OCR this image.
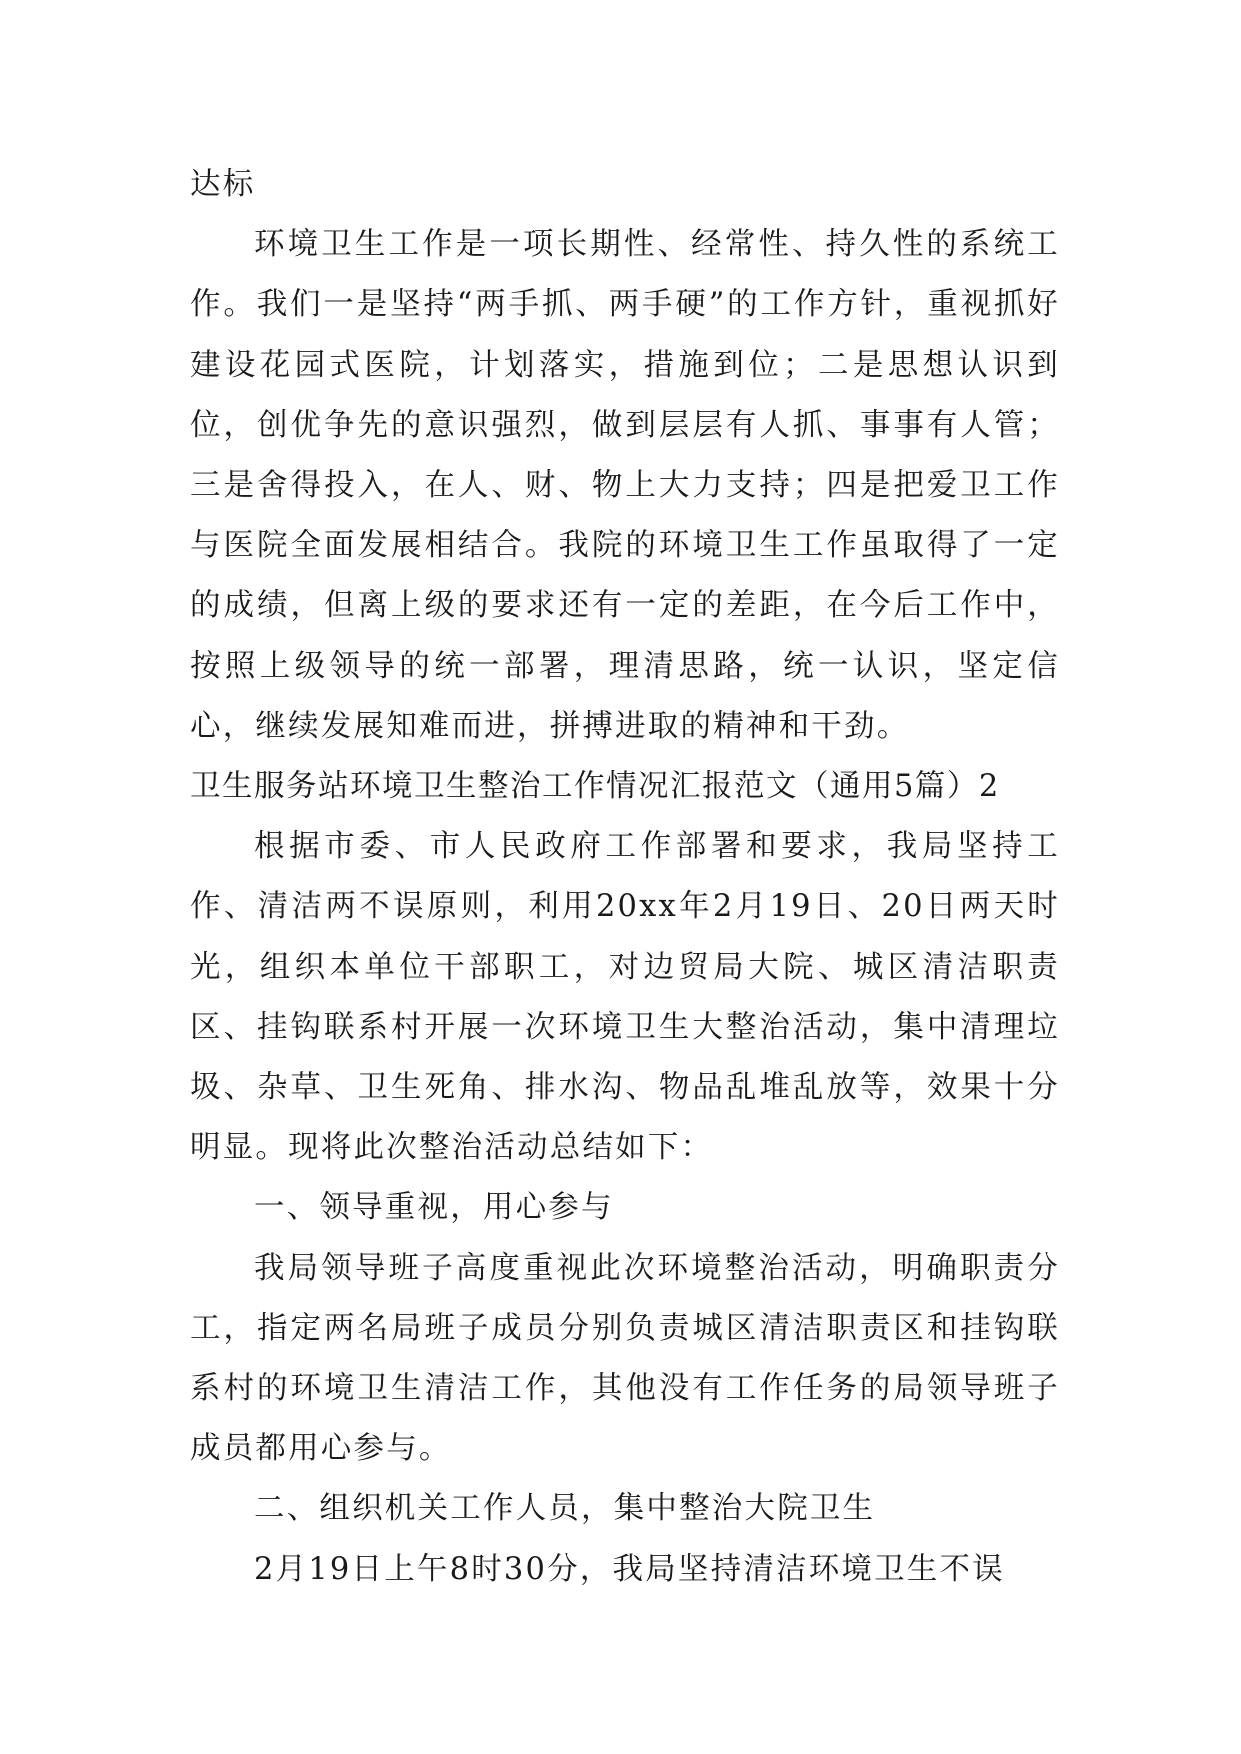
达标

环境卫生工作是一项长期性、经常性、持久性的系统工作。我们一是坚持“两手抓、两手硬”的工作方针，重视抓好建设花园式医院，计划落实，措施到位；二是思想认识到位，创优争先的意识强烈，做到层层有人抓、事事有人管；三是舍得投入，在人、财、物上大力支持；四是把爱卫工作与医院全面发展相结合。我院的环境卫生工作虽取得了一定的成绩，但离上级的要求还有一定的差距，在今后工作中，按照上级领导的统一部署，理清思路，统一认识，坚定信心，继续发展知难而进，拼搏进取的精神和干劲。

卫生服务站环境卫生整治工作情况汇报范文（通用5篇）2

根据市委、市人民政府工作部署和要求，我局坚持工作、清洁两不误原则，利用20xx年2月19日、20日两天时光，组织本单位干部职工，对边贸局大院、城区清洁职责区、挂钩联系村开展一次环境卫生大整治活动，集中清理垃圾、杂草、卫生死角、排水沟、物品乱堆乱放等，效果十分明显。现将此次整治活动总结如下：

一、领导重视，用心参与

我局领导班子高度重视此次环境整治活动，明确职责分工，指定两名局班子成员分别负责城区清洁职责区和挂钩联系村的环境卫生清洁工作，其他没有工作任务的局领导班子成员都用心参与。

二、组织机关工作人员，集中整治大院卫生

2月19日上午8时30分，我局坚持清洁环境卫生不误
